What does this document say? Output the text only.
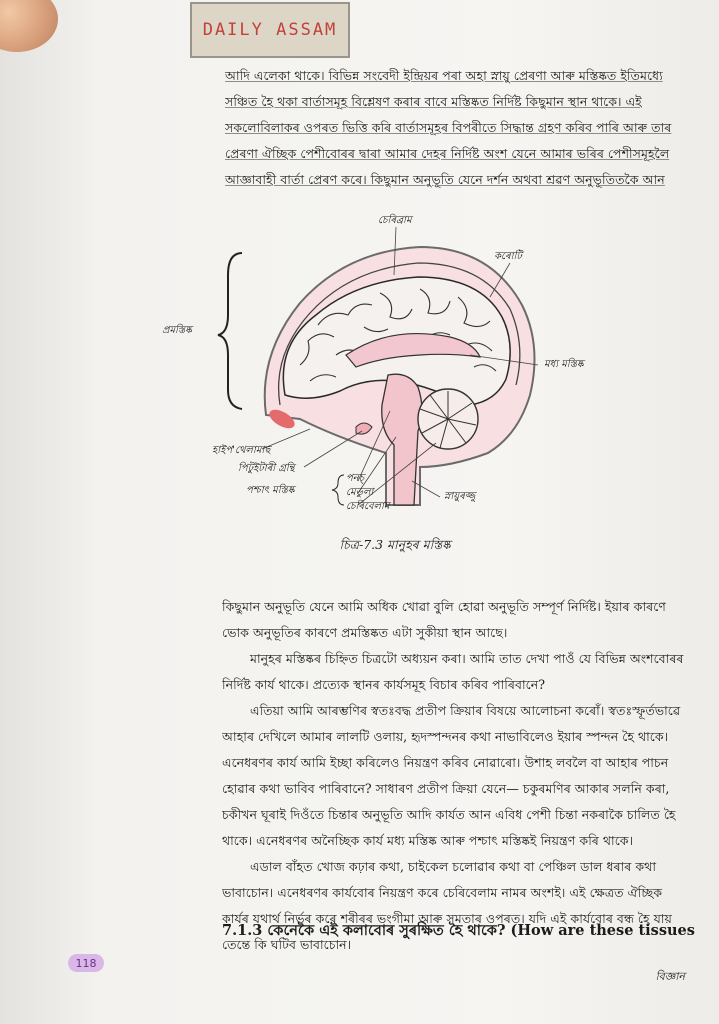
DAILY ASSAM
আদি এলেকা থাকে। বিভিন্ন সংবেদী ইন্দ্ৰিয়ৰ পৰা অহা স্নায়ু প্ৰেৰণা আৰু মস্তিষ্কত ইতিমধ্যে
সঞ্চিত হৈ থকা বাৰ্তাসমূহ বিশ্লেষণ কৰাৰ বাবে মস্তিষ্কত নিৰ্দিষ্ট কিছুমান স্থান থাকে। এই
সকলোবিলাকৰ ওপৰত ভিত্তি কৰি বাৰ্তাসমূহৰ বিপৰীতে সিদ্ধান্ত গ্ৰহণ কৰিব পাৰি আৰু তাৰ
প্ৰেৰণা ঐচ্ছিক পেশীবোৰৰ দ্বাৰা আমাৰ দেহৰ নিৰ্দিষ্ট অংশ যেনে আমাৰ ভৰিৰ পেশীসমূহলৈ
আজ্ঞাবাহী বাৰ্তা প্ৰেৰণ কৰে। কিছুমান অনুভূতি যেনে দৰ্শন অথবা শ্ৰৱণ অনুভূতিতকৈ আন
চেৰিব্ৰাম
কৰোটি
প্ৰমস্তিষ্ক
মধ্য মস্তিষ্ক
হাইপ'থেলামাছ
পিটুইটাৰী গ্ৰন্থি
পশ্চাৎ মস্তিষ্ক
পনচ্
মেডুলা
চেৰিবেলাম
স্নায়ুৰজ্জু
চিত্ৰ-7.3 মানুহৰ মস্তিষ্ক
কিছুমান অনুভূতি যেনে আমি অধিক খোৱা বুলি হোৱা অনুভূতি সম্পূৰ্ণ নিৰ্দিষ্ট। ইয়াৰ কাৰণে
ভোক অনুভূতিৰ কাৰণে প্ৰমস্তিষ্কত এটা সুকীয়া স্থান আছে।
মানুহৰ মস্তিষ্কৰ চিহ্নিত চিত্ৰটো অধ্যয়ন কৰা। আমি তাত দেখা পাওঁ যে বিভিন্ন অংশবোৰৰ
নিৰ্দিষ্ট কাৰ্য থাকে। প্ৰত্যেক স্থানৰ কাৰ্যসমূহ বিচাৰ কৰিব পাৰিবানে?
এতিয়া আমি আৰম্ভণিৰ স্বতঃবদ্ধ প্ৰতীপ ক্ৰিয়াৰ বিষয়ে আলোচনা কৰোঁ। স্বতঃস্ফূৰ্তভাৱে
আহাৰ দেখিলে আমাৰ লালটি ওলায়, হৃদস্পন্দনৰ কথা নাভাবিলেও ইয়াৰ স্পন্দন হৈ থাকে।
এনেধৰণৰ কাৰ্য আমি ইচ্ছা কৰিলেও নিয়ন্ত্ৰণ কৰিব নোৱাৰো। উশাহ লবলৈ বা আহাৰ পাচন
হোৱাৰ কথা ভাবিব পাৰিবানে? সাধাৰণ প্ৰতীপ ক্ৰিয়া যেনে— চকুৰমণিৰ আকাৰ সলনি কৰা,
চকীখন ঘূৰাই দিওঁতে চিন্তাৰ অনুভূতি আদি কাৰ্যত আন এবিধ পেশী চিন্তা নকৰাকৈ চালিত হৈ
থাকে। এনেধৰণৰ অনৈচ্ছিক কাৰ্য মধ্য মস্তিষ্ক আৰু পশ্চাৎ মস্তিষ্কই নিয়ন্ত্ৰণ কৰি থাকে।
এডাল বাঁহত খোজ কঢ়াৰ কথা, চাইকেল চলোৱাৰ কথা বা পেঞ্চিল ডাল ধৰাৰ কথা
ভাবাচোন। এনেধৰণৰ কাৰ্যবোৰ নিয়ন্ত্ৰণ কৰে চেৰিবেলাম নামৰ অংশই। এই ক্ষেত্ৰত ঐচ্ছিক
কাৰ্যৰ যথাৰ্থ নিৰ্ভৰ কৰে শৰীৰৰ ভংগীমা আৰু সমতাৰ ওপৰত। যদি এই কাৰ্যবোৰ বন্ধ হৈ যায়
তেন্তে কি ঘটিব ভাবাচোন।
7.1.3 কেনেকৈ এই কলাবোৰ সুৰক্ষিত হৈ থাকে? (How are these tissues
118
বিজ্ঞান
